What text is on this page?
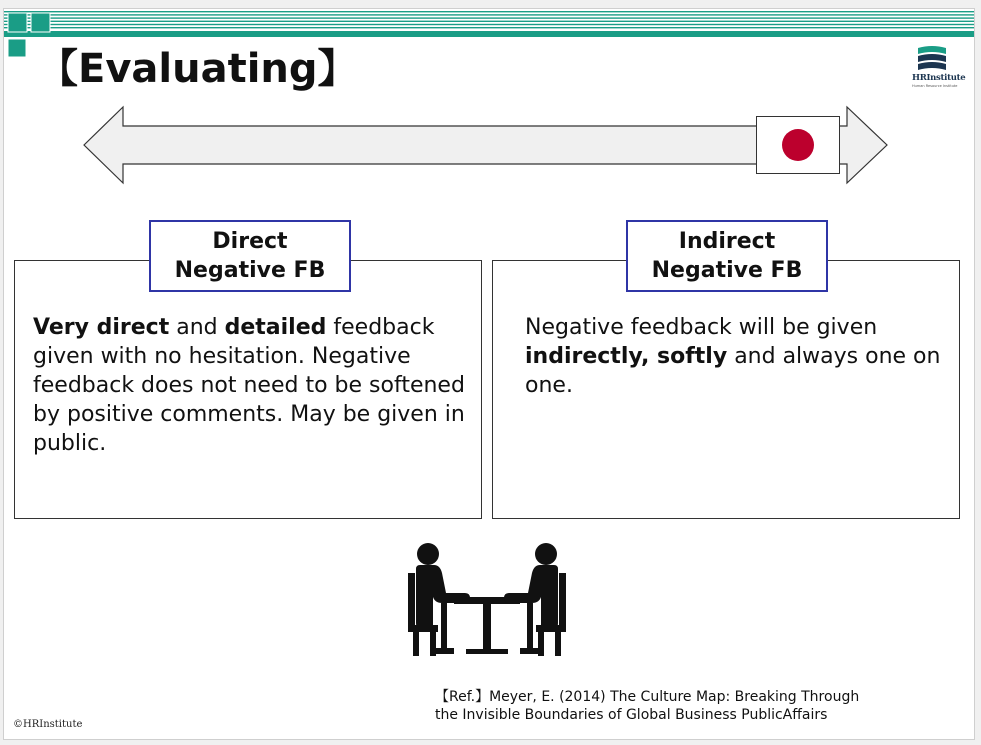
【Evaluating】	HRInstitute
Human Resource Institute

Very direct and detailed feedback given with no hesitation. Negative feedback does not need to be softened by positive comments. May be given in public.

Negative feedback will be given indirectly, softly and always one on one.

Direct
Negative FB
Indirect
Negative FB
【Ref.】Meyer, E. (2014) The Culture Map: Breaking Through
the Invisible Boundaries of Global Business PublicAffairs
©HRInstitute
